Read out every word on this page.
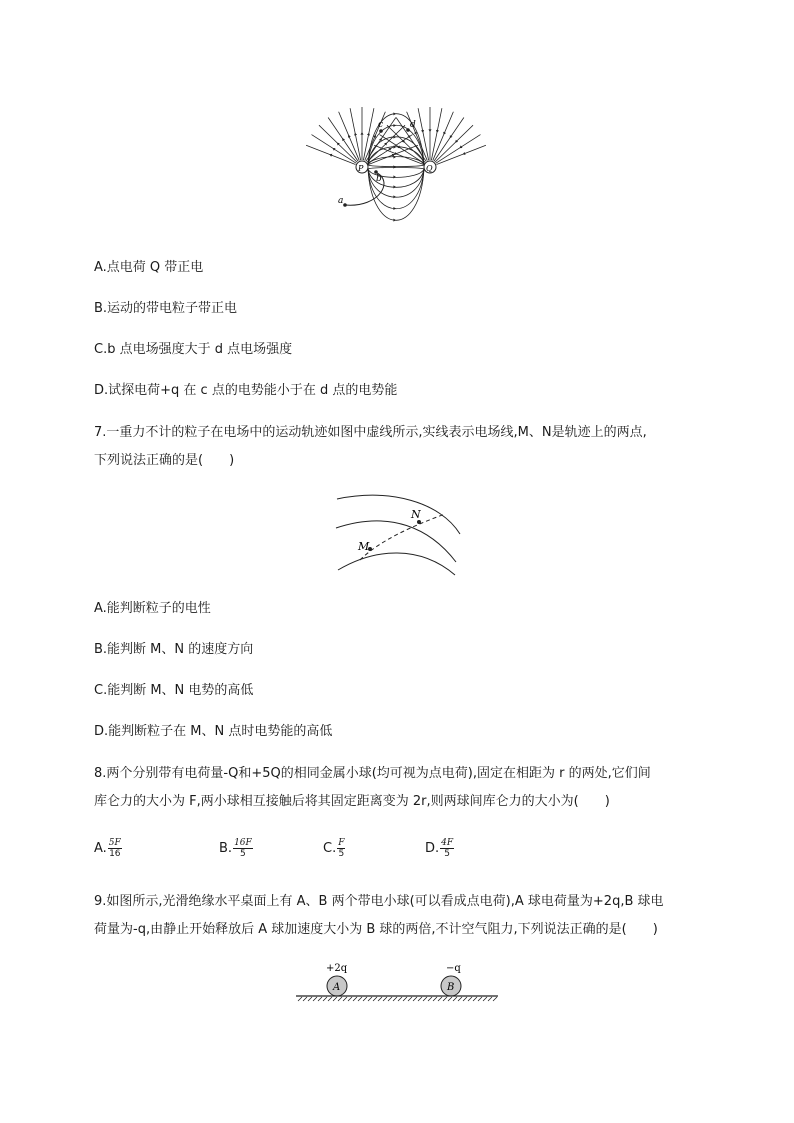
P	Q
a
b
c	d
M
N
+2q	−q
A	B
A.点电荷 Q 带正电
B.运动的带电粒子带正电
C.b 点电场强度大于 d 点电场强度
D.试探电荷+q 在 c 点的电势能小于在 d 点的电势能
7.一重力不计的粒子在电场中的运动轨迹如图中虚线所示,实线表示电场线,M、N是轨迹上的两点,
下列说法正确的是(　　)
A.能判断粒子的电性
B.能判断 M、N 的速度方向
C.能判断 M、N 电势的高低
D.能判断粒子在 M、N 点时电势能的高低
8.两个分别带有电荷量-Q和+5Q的相同金属小球(均可视为点电荷),固定在相距为 r 的两处,它们间
库仑力的大小为 F,两小球相互接触后将其固定距离变为 2r,则两球间库仑力的大小为(　　)
A. $\frac{5F}{16}$	B. $\frac{16F}{5}$	C. $\frac{F}{5}$	D. $\frac{4F}{5}$
9.如图所示,光滑绝缘水平桌面上有 A、B 两个带电小球(可以看成点电荷),A 球电荷量为+2q,B 球电
荷量为-q,由静止开始释放后 A 球加速度大小为 B 球的两倍,不计空气阻力,下列说法正确的是(　　)
